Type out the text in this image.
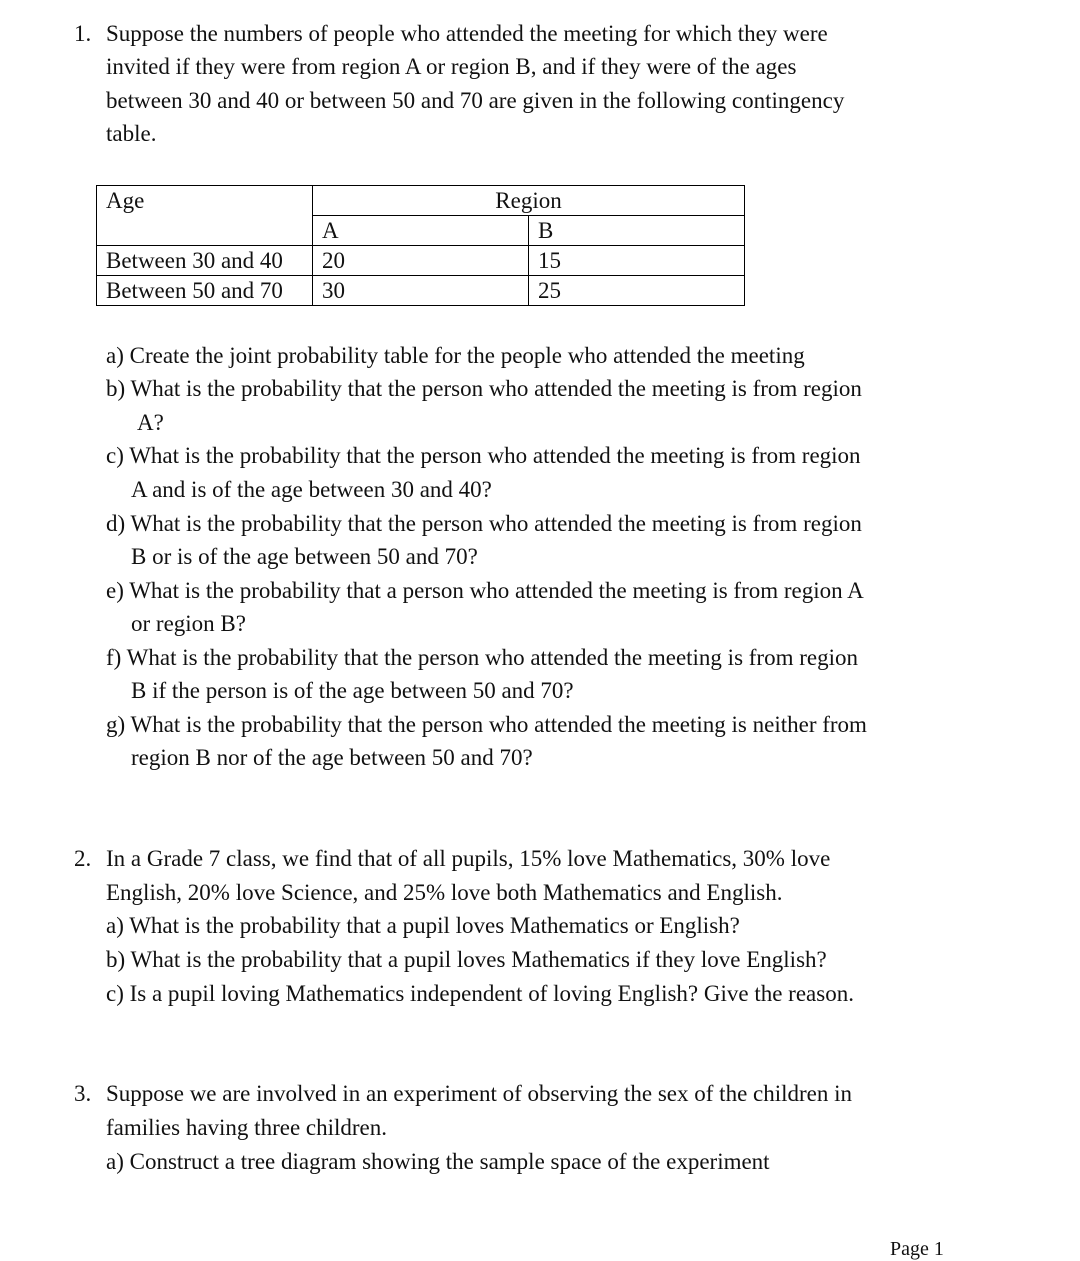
1. Suppose the numbers of people who attended the meeting for which they were
invited if they were from region A or region B, and if they were of the ages
between 30 and 40 or between 50 and 70 are given in the following contingency
table.
Age	Region	
	A	B
Between 30 and 40	20	15
Between 50 and 70	30	25
a) Create the joint probability table for the people who attended the meeting
b) What is the probability that the person who attended the meeting is from region
A?
c) What is the probability that the person who attended the meeting is from region
A and is of the age between 30 and 40?
d) What is the probability that the person who attended the meeting is from region
B or is of the age between 50 and 70?
e) What is the probability that a person who attended the meeting is from region A
or region B?
f) What is the probability that the person who attended the meeting is from region
B if the person is of the age between 50 and 70?
g) What is the probability that the person who attended the meeting is neither from
region B nor of the age between 50 and 70?
2. In a Grade 7 class, we find that of all pupils, 15% love Mathematics, 30% love
English, 20% love Science, and 25% love both Mathematics and English.
a) What is the probability that a pupil loves Mathematics or English?
b) What is the probability that a pupil loves Mathematics if they love English?
c) Is a pupil loving Mathematics independent of loving English? Give the reason.
3. Suppose we are involved in an experiment of observing the sex of the children in
families having three children.
a) Construct a tree diagram showing the sample space of the experiment
Page 1
